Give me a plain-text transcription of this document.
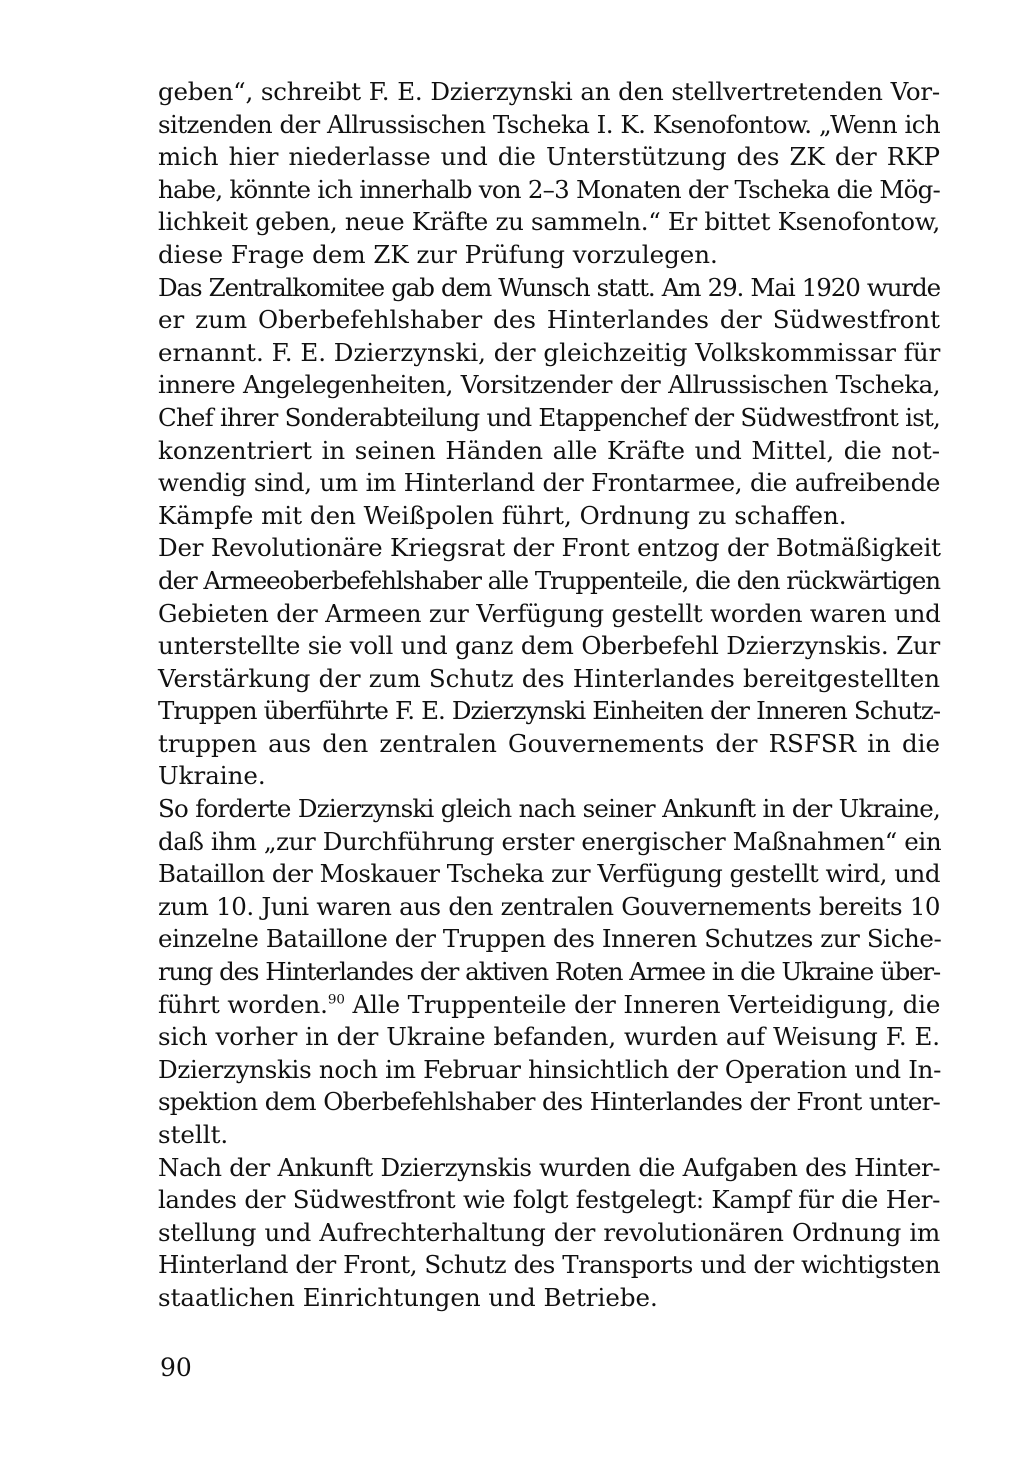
geben“, schreibt F. E. Dzierzynski an den stellvertretenden Vor-
sitzenden der Allrussischen Tscheka I. K. Ksenofontow. „Wenn ich
mich hier niederlasse und die Unterstützung des ZK der RKP
habe, könnte ich innerhalb von 2–3 Monaten der Tscheka die Mög-
lichkeit geben, neue Kräfte zu sammeln.“ Er bittet Ksenofontow,
diese Frage dem ZK zur Prüfung vorzulegen.
Das Zentralkomitee gab dem Wunsch statt. Am 29. Mai 1920 wurde
er zum Oberbefehlshaber des Hinterlandes der Südwestfront
ernannt. F. E. Dzierzynski, der gleichzeitig Volkskommissar für
innere Angelegenheiten, Vorsitzender der Allrussischen Tscheka,
Chef ihrer Sonderabteilung und Etappenchef der Südwestfront ist,
konzentriert in seinen Händen alle Kräfte und Mittel, die not-
wendig sind, um im Hinterland der Frontarmee, die aufreibende
Kämpfe mit den Weißpolen führt, Ordnung zu schaffen.
Der Revolutionäre Kriegsrat der Front entzog der Botmäßigkeit
der Armeeoberbefehlshaber alle Truppenteile, die den rückwärtigen
Gebieten der Armeen zur Verfügung gestellt worden waren und
unterstellte sie voll und ganz dem Oberbefehl Dzierzynskis. Zur
Verstärkung der zum Schutz des Hinterlandes bereitgestellten
Truppen überführte F. E. Dzierzynski Einheiten der Inneren Schutz-
truppen aus den zentralen Gouvernements der RSFSR in die
Ukraine.
So forderte Dzierzynski gleich nach seiner Ankunft in der Ukraine,
daß ihm „zur Durchführung erster energischer Maßnahmen“ ein
Bataillon der Moskauer Tscheka zur Verfügung gestellt wird, und
zum 10. Juni waren aus den zentralen Gouvernements bereits 10
einzelne Bataillone der Truppen des Inneren Schutzes zur Siche-
rung des Hinterlandes der aktiven Roten Armee in die Ukraine über-
führt worden.$^{90}$ Alle Truppenteile der Inneren Verteidigung, die
sich vorher in der Ukraine befanden, wurden auf Weisung F. E.
Dzierzynskis noch im Februar hinsichtlich der Operation und In-
spektion dem Oberbefehlshaber des Hinterlandes der Front unter-
stellt.
Nach der Ankunft Dzierzynskis wurden die Aufgaben des Hinter-
landes der Südwestfront wie folgt festgelegt: Kampf für die Her-
stellung und Aufrechterhaltung der revolutionären Ordnung im
Hinterland der Front, Schutz des Transports und der wichtigsten
staatlichen Einrichtungen und Betriebe.
90
